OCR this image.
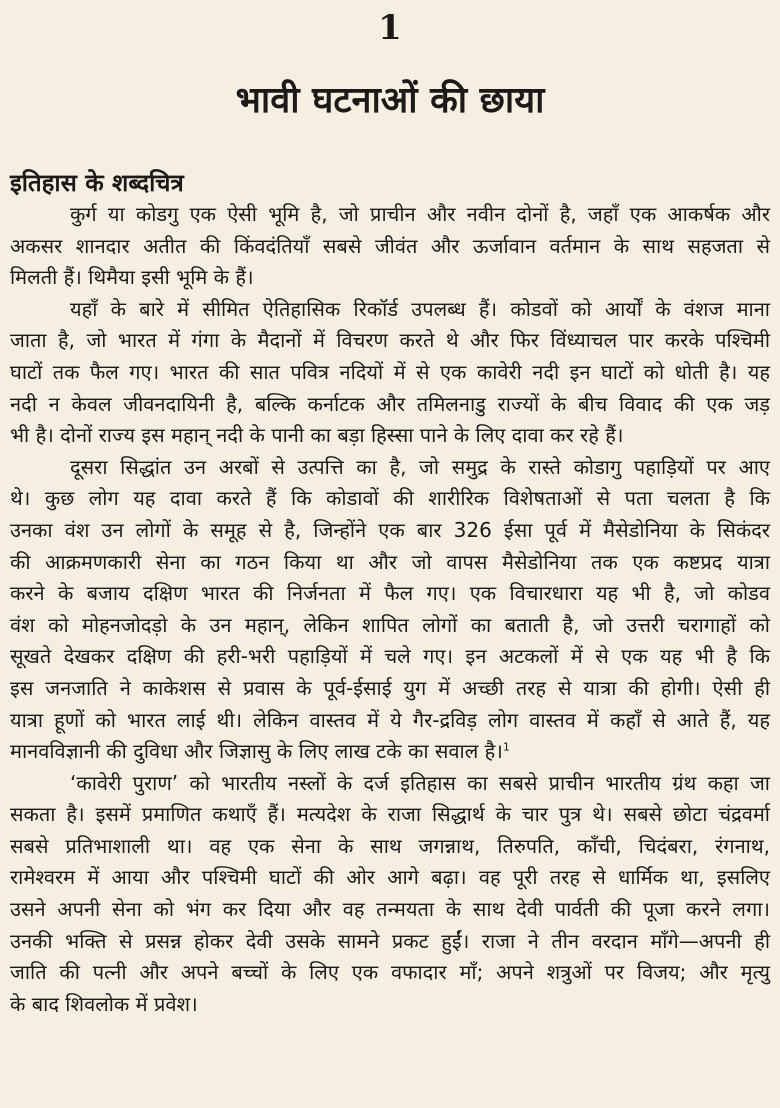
1
भावी घटनाओं की छाया
इतिहास के शब्दचित्र
कुर्ग या कोडगु एक ऐसी भूमि है, जो प्राचीन और नवीन दोनों है, जहाँ एक आकर्षक और
अकसर शानदार अतीत की किंवदंतियाँ सबसे जीवंत और ऊर्जावान वर्तमान के साथ सहजता से
मिलती हैं। थिमैया इसी भूमि के हैं।
यहाँ के बारे में सीमित ऐतिहासिक रिकॉर्ड उपलब्ध हैं। कोडवों को आर्यों के वंशज माना
जाता है, जो भारत में गंगा के मैदानों में विचरण करते थे और फिर विंध्याचल पार करके पश्चिमी
घाटों तक फैल गए। भारत की सात पवित्र नदियों में से एक कावेरी नदी इन घाटों को धोती है। यह
नदी न केवल जीवनदायिनी है, बल्कि कर्नाटक और तमिलनाडु राज्यों के बीच विवाद की एक जड़
भी है। दोनों राज्य इस महान् नदी के पानी का बड़ा हिस्सा पाने के लिए दावा कर रहे हैं।
दूसरा सिद्धांत उन अरबों से उत्पत्ति का है, जो समुद्र के रास्ते कोडागु पहाड़ियों पर आए
थे। कुछ लोग यह दावा करते हैं कि कोडावों की शारीरिक विशेषताओं से पता चलता है कि
उनका वंश उन लोगों के समूह से है, जिन्होंने एक बार 326 ईसा पूर्व में मैसेडोनिया के सिकंदर
की आक्रमणकारी सेना का गठन किया था और जो वापस मैसेडोनिया तक एक कष्टप्रद यात्रा
करने के बजाय दक्षिण भारत की निर्जनता में फैल गए। एक विचारधारा यह भी है, जो कोडव
वंश को मोहनजोदड़ो के उन महान्, लेकिन शापित लोगों का बताती है, जो उत्तरी चरागाहों को
सूखते देखकर दक्षिण की हरी-भरी पहाड़ियों में चले गए। इन अटकलों में से एक यह भी है कि
इस जनजाति ने काकेशस से प्रवास के पूर्व-ईसाई युग में अच्छी तरह से यात्रा की होगी। ऐसी ही
यात्रा हूणों को भारत लाई थी। लेकिन वास्तव में ये गैर-द्रविड़ लोग वास्तव में कहाँ से आते हैं, यह
मानवविज्ञानी की दुविधा और जिज्ञासु के लिए लाख टके का सवाल है।$^1$
‘कावेरी पुराण’ को भारतीय नस्लों के दर्ज इतिहास का सबसे प्राचीन भारतीय ग्रंथ कहा जा
सकता है। इसमें प्रमाणित कथाएँ हैं। मत्यदेश के राजा सिद्धार्थ के चार पुत्र थे। सबसे छोटा चंद्रवर्मा
सबसे प्रतिभाशाली था। वह एक सेना के साथ जगन्नाथ, तिरुपति, काँची, चिदंबरा, रंगनाथ,
रामेश्वरम में आया और पश्चिमी घाटों की ओर आगे बढ़ा। वह पूरी तरह से धार्मिक था, इसलिए
उसने अपनी सेना को भंग कर दिया और वह तन्मयता के साथ देवी पार्वती की पूजा करने लगा।
उनकी भक्ति से प्रसन्न होकर देवी उसके सामने प्रकट हुईं। राजा ने तीन वरदान माँगे—अपनी ही
जाति की पत्नी और अपने बच्चों के लिए एक वफादार माँ; अपने शत्रुओं पर विजय; और मृत्यु
के बाद शिवलोक में प्रवेश।
